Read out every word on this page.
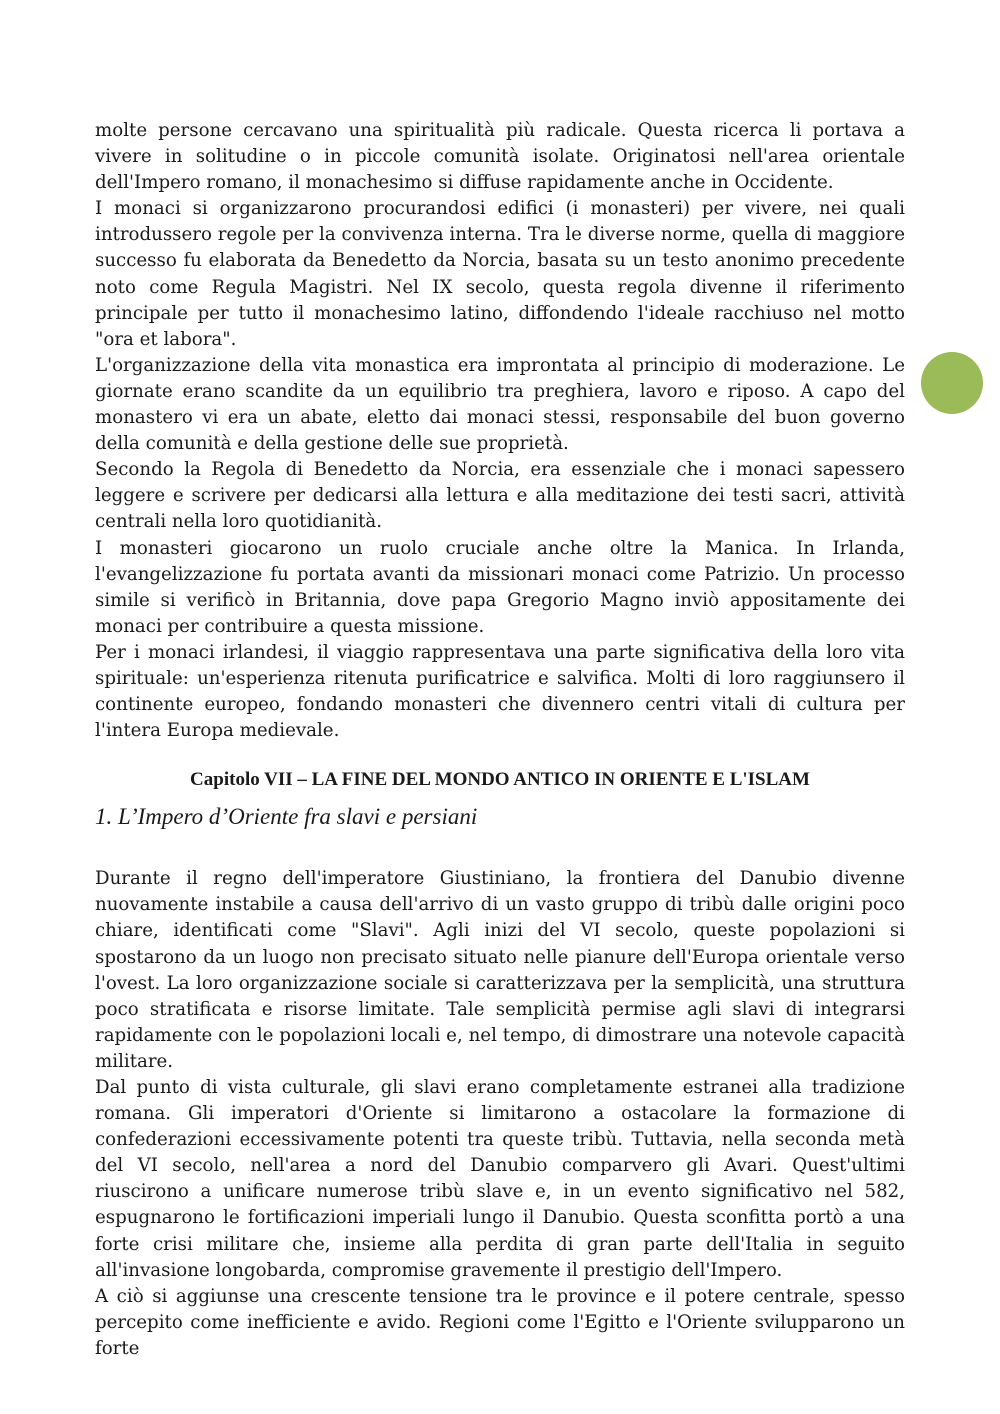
molte persone cercavano una spiritualità più radicale. Questa ricerca li portava a vivere in solitudine o in piccole comunità isolate. Originatosi nell'area orientale dell'Impero romano, il monachesimo si diffuse rapidamente anche in Occidente.

I monaci si organizzarono procurandosi edifici (i monasteri) per vivere, nei quali introdussero regole per la convivenza interna. Tra le diverse norme, quella di maggiore successo fu elaborata da Benedetto da Norcia, basata su un testo anonimo precedente noto come Regula Magistri. Nel IX secolo, questa regola divenne il riferimento principale per tutto il monachesimo latino, diffondendo l'ideale racchiuso nel motto "ora et labora".

L'organizzazione della vita monastica era improntata al principio di moderazione. Le giornate erano scandite da un equilibrio tra preghiera, lavoro e riposo. A capo del monastero vi era un abate, eletto dai monaci stessi, responsabile del buon governo della comunità e della gestione delle sue proprietà.

Secondo la Regola di Benedetto da Norcia, era essenziale che i monaci sapessero leggere e scrivere per dedicarsi alla lettura e alla meditazione dei testi sacri, attività centrali nella loro quotidianità.

I monasteri giocarono un ruolo cruciale anche oltre la Manica. In Irlanda, l'evangelizzazione fu portata avanti da missionari monaci come Patrizio. Un processo simile si verificò in Britannia, dove papa Gregorio Magno inviò appositamente dei monaci per contribuire a questa missione.

Per i monaci irlandesi, il viaggio rappresentava una parte significativa della loro vita spirituale: un'esperienza ritenuta purificatrice e salvifica. Molti di loro raggiunsero il continente europeo, fondando monasteri che divennero centri vitali di cultura per l'intera Europa medievale.

Capitolo VII – LA FINE DEL MONDO ANTICO IN ORIENTE E L'ISLAM
1. L’Impero d’Oriente fra slavi e persiani

Durante il regno dell'imperatore Giustiniano, la frontiera del Danubio divenne nuovamente instabile a causa dell'arrivo di un vasto gruppo di tribù dalle origini poco chiare, identificati come "Slavi". Agli inizi del VI secolo, queste popolazioni si spostarono da un luogo non precisato situato nelle pianure dell'Europa orientale verso l'ovest. La loro organizzazione sociale si caratterizzava per la semplicità, una struttura poco stratificata e risorse limitate. Tale semplicità permise agli slavi di integrarsi rapidamente con le popolazioni locali e, nel tempo, di dimostrare una notevole capacità militare.

Dal punto di vista culturale, gli slavi erano completamente estranei alla tradizione romana. Gli imperatori d'Oriente si limitarono a ostacolare la formazione di confederazioni eccessivamente potenti tra queste tribù. Tuttavia, nella seconda metà del VI secolo, nell'area a nord del Danubio comparvero gli Avari. Quest'ultimi riuscirono a unificare numerose tribù slave e, in un evento significativo nel 582, espugnarono le fortificazioni imperiali lungo il Danubio. Questa sconfitta portò a una forte crisi militare che, insieme alla perdita di gran parte dell'Italia in seguito all'invasione longobarda, compromise gravemente il prestigio dell'Impero.

A ciò si aggiunse una crescente tensione tra le province e il potere centrale, spesso percepito come inefficiente e avido. Regioni come l'Egitto e l'Oriente svilupparono un forte
